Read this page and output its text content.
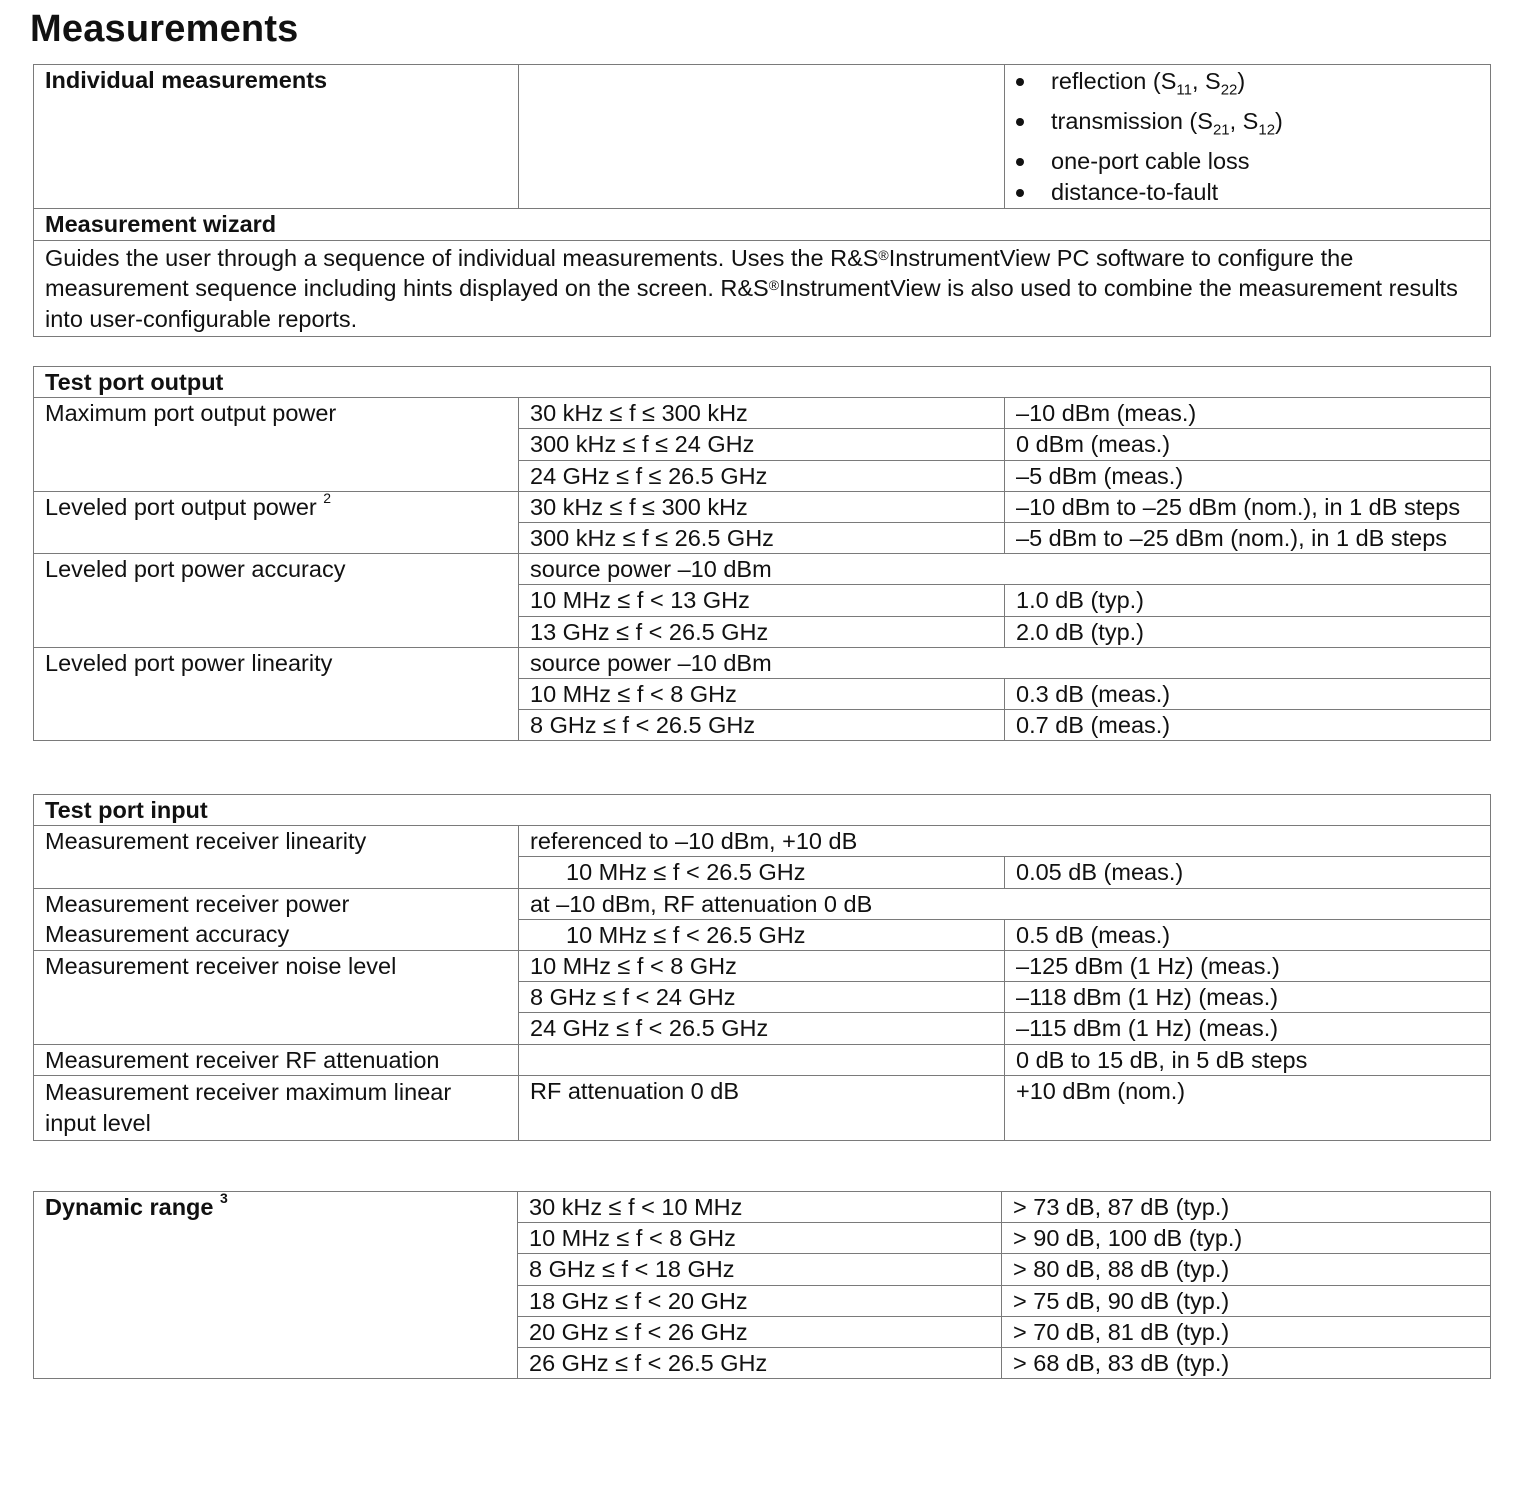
Measurements
Individual measurements		reflection ($S_{11}$, $S_{22}$)
transmission ($S_{21}$, $S_{12}$)
one-port cable loss
distance-to-fault

Measurement wizard
Guides the user through a sequence of individual measurements. Uses the R&S®InstrumentView PC software to configure the measurement sequence including hints displayed on the screen. R&S®InstrumentView is also used to combine the measurement results into user-configurable reports.
Test port output		
Maximum port output power	30 kHz ≤ f ≤ 300 kHz	–10 dBm (meas.)
	300 kHz ≤ f ≤ 24 GHz	0 dBm (meas.)
	24 GHz ≤ f ≤ 26.5 GHz	–5 dBm (meas.)
Leveled port output power $^2$	30 kHz ≤ f ≤ 300 kHz	–10 dBm to –25 dBm (nom.), in 1 dB steps
	300 kHz ≤ f ≤ 26.5 GHz	–5 dBm to –25 dBm (nom.), in 1 dB steps
Leveled port power accuracy	source power –10 dBm	
	10 MHz ≤ f < 13 GHz	1.0 dB (typ.)
	13 GHz ≤ f < 26.5 GHz	2.0 dB (typ.)
Leveled port power linearity	source power –10 dBm	
	10 MHz ≤ f < 8 GHz	0.3 dB (meas.)
	8 GHz ≤ f < 26.5 GHz	0.7 dB (meas.)
Test port input		
Measurement receiver linearity	referenced to –10 dBm, +10 dB	
	10 MHz ≤ f < 26.5 GHz	0.05 dB (meas.)
Measurement receiver power	at –10 dBm, RF attenuation 0 dB	
Measurement accuracy	10 MHz ≤ f < 26.5 GHz	0.5 dB (meas.)
Measurement receiver noise level	10 MHz ≤ f < 8 GHz	–125 dBm (1 Hz) (meas.)
	8 GHz ≤ f < 24 GHz	–118 dBm (1 Hz) (meas.)
	24 GHz ≤ f < 26.5 GHz	–115 dBm (1 Hz) (meas.)
Measurement receiver RF attenuation		0 dB to 15 dB, in 5 dB steps
Measurement receiver maximum linear input level	RF attenuation 0 dB	+10 dBm (nom.)
Dynamic range $^3$	30 kHz ≤ f < 10 MHz	> 73 dB, 87 dB (typ.)
	10 MHz ≤ f < 8 GHz	> 90 dB, 100 dB (typ.)
	8 GHz ≤ f < 18 GHz	> 80 dB, 88 dB (typ.)
	18 GHz ≤ f < 20 GHz	> 75 dB, 90 dB (typ.)
	20 GHz ≤ f < 26 GHz	> 70 dB, 81 dB (typ.)
	26 GHz ≤ f < 26.5 GHz	> 68 dB, 83 dB (typ.)
